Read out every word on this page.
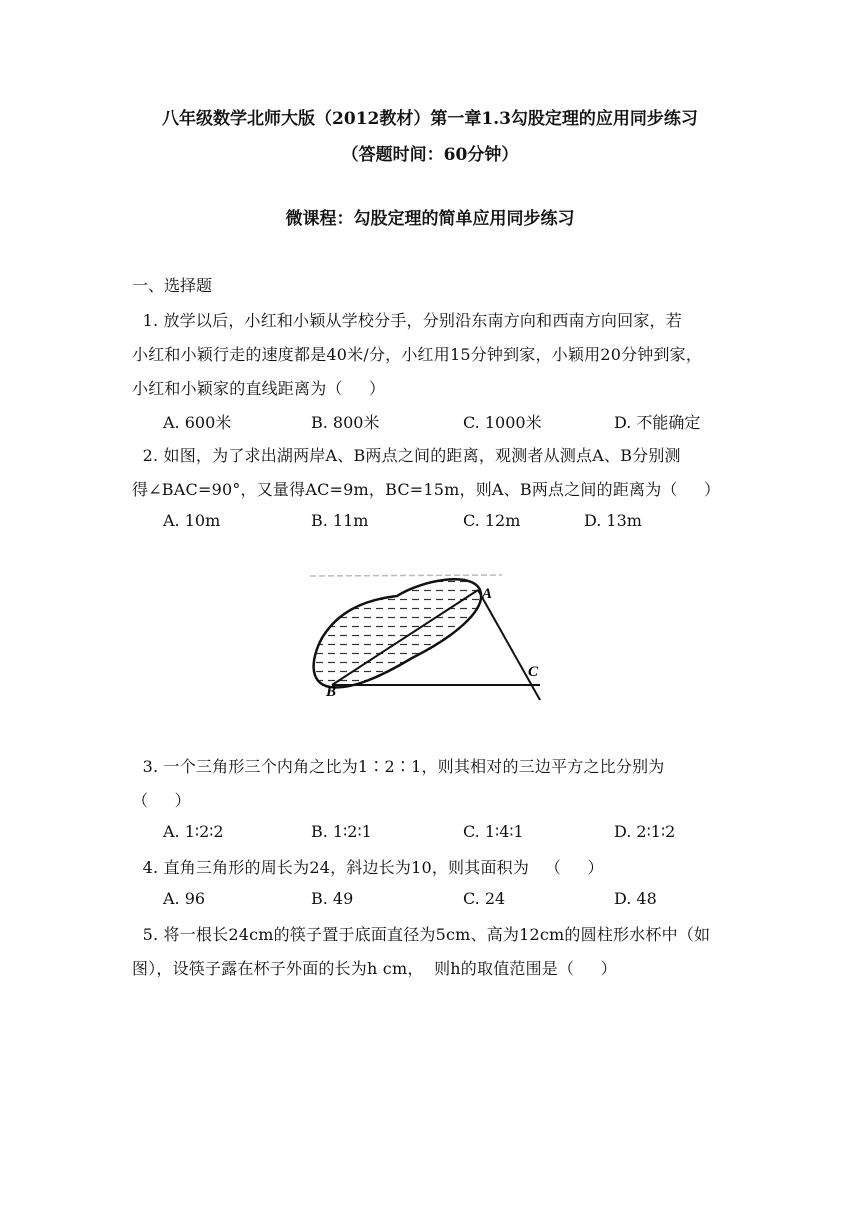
八年级数学北师大版（2012教材）第一章1.3勾股定理的应用同步练习
（答题时间：60分钟）
微课程：勾股定理的简单应用同步练习
一、选择题
1. 放学以后，小红和小颖从学校分手，分别沿东南方向和西南方向回家，若
小红和小颖行走的速度都是40米/分，小红用15分钟到家，小颖用20分钟到家，
小红和小颖家的直线距离为（     ）
A. 600米	B. 800米	C. 1000米	D. 不能确定
2. 如图，为了求出湖两岸A、B两点之间的距离，观测者从测点A、B分别测
得∠BAC=90°，又量得AC=9m，BC=15m，则A、B两点之间的距离为（     ）
A. 10m	B. 11m	C. 12m	D. 13m
A
B
C
3. 一个三角形三个内角之比为1∶2∶1，则其相对的三边平方之比分别为
（     ）
A. 1∶2∶2	B. 1∶2∶1	C. 1∶4∶1	D. 2∶1∶2
4. 直角三角形的周长为24，斜边长为10，则其面积为   （     ）
A. 96	B. 49	C. 24	D. 48
5. 将一根长24cm的筷子置于底面直径为5cm、高为12cm的圆柱形水杯中（如
图），设筷子露在杯子外面的长为h cm，  则h的取值范围是（     ）
